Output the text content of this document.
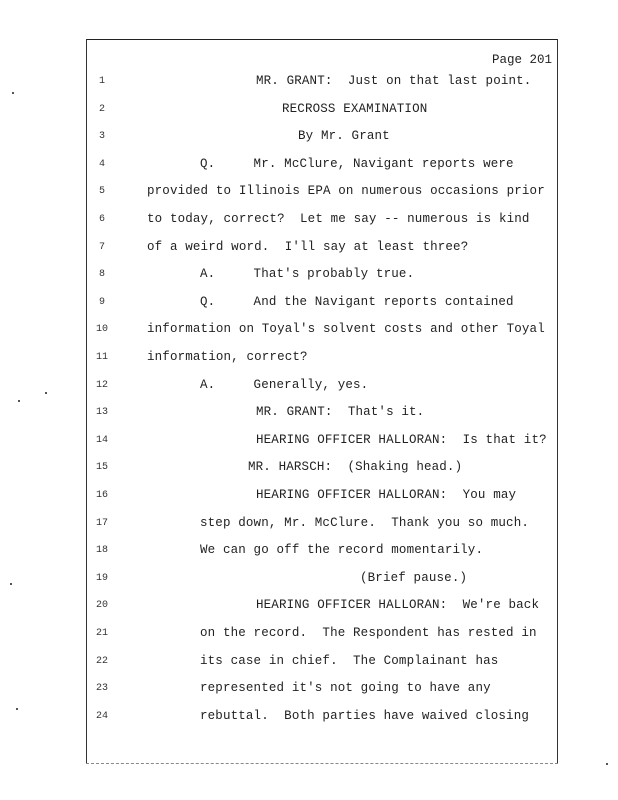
Page 201
1	MR. GRANT:  Just on that last point.
2	RECROSS EXAMINATION
3	By Mr. Grant
4	Q.     Mr. McClure, Navigant reports were
5	provided to Illinois EPA on numerous occasions prior
6	to today, correct?  Let me say -- numerous is kind
7	of a weird word.  I'll say at least three?
8	A.     That's probably true.
9	Q.     And the Navigant reports contained
10	information on Toyal's solvent costs and other Toyal
11	information, correct?
12	A.     Generally, yes.
13	MR. GRANT:  That's it.
14	HEARING OFFICER HALLORAN:  Is that it?
15	MR. HARSCH:  (Shaking head.)
16	HEARING OFFICER HALLORAN:  You may
17	step down, Mr. McClure.  Thank you so much.
18	We can go off the record momentarily.
19	(Brief pause.)
20	HEARING OFFICER HALLORAN:  We're back
21	on the record.  The Respondent has rested in
22	its case in chief.  The Complainant has
23	represented it's not going to have any
24	rebuttal.  Both parties have waived closing
